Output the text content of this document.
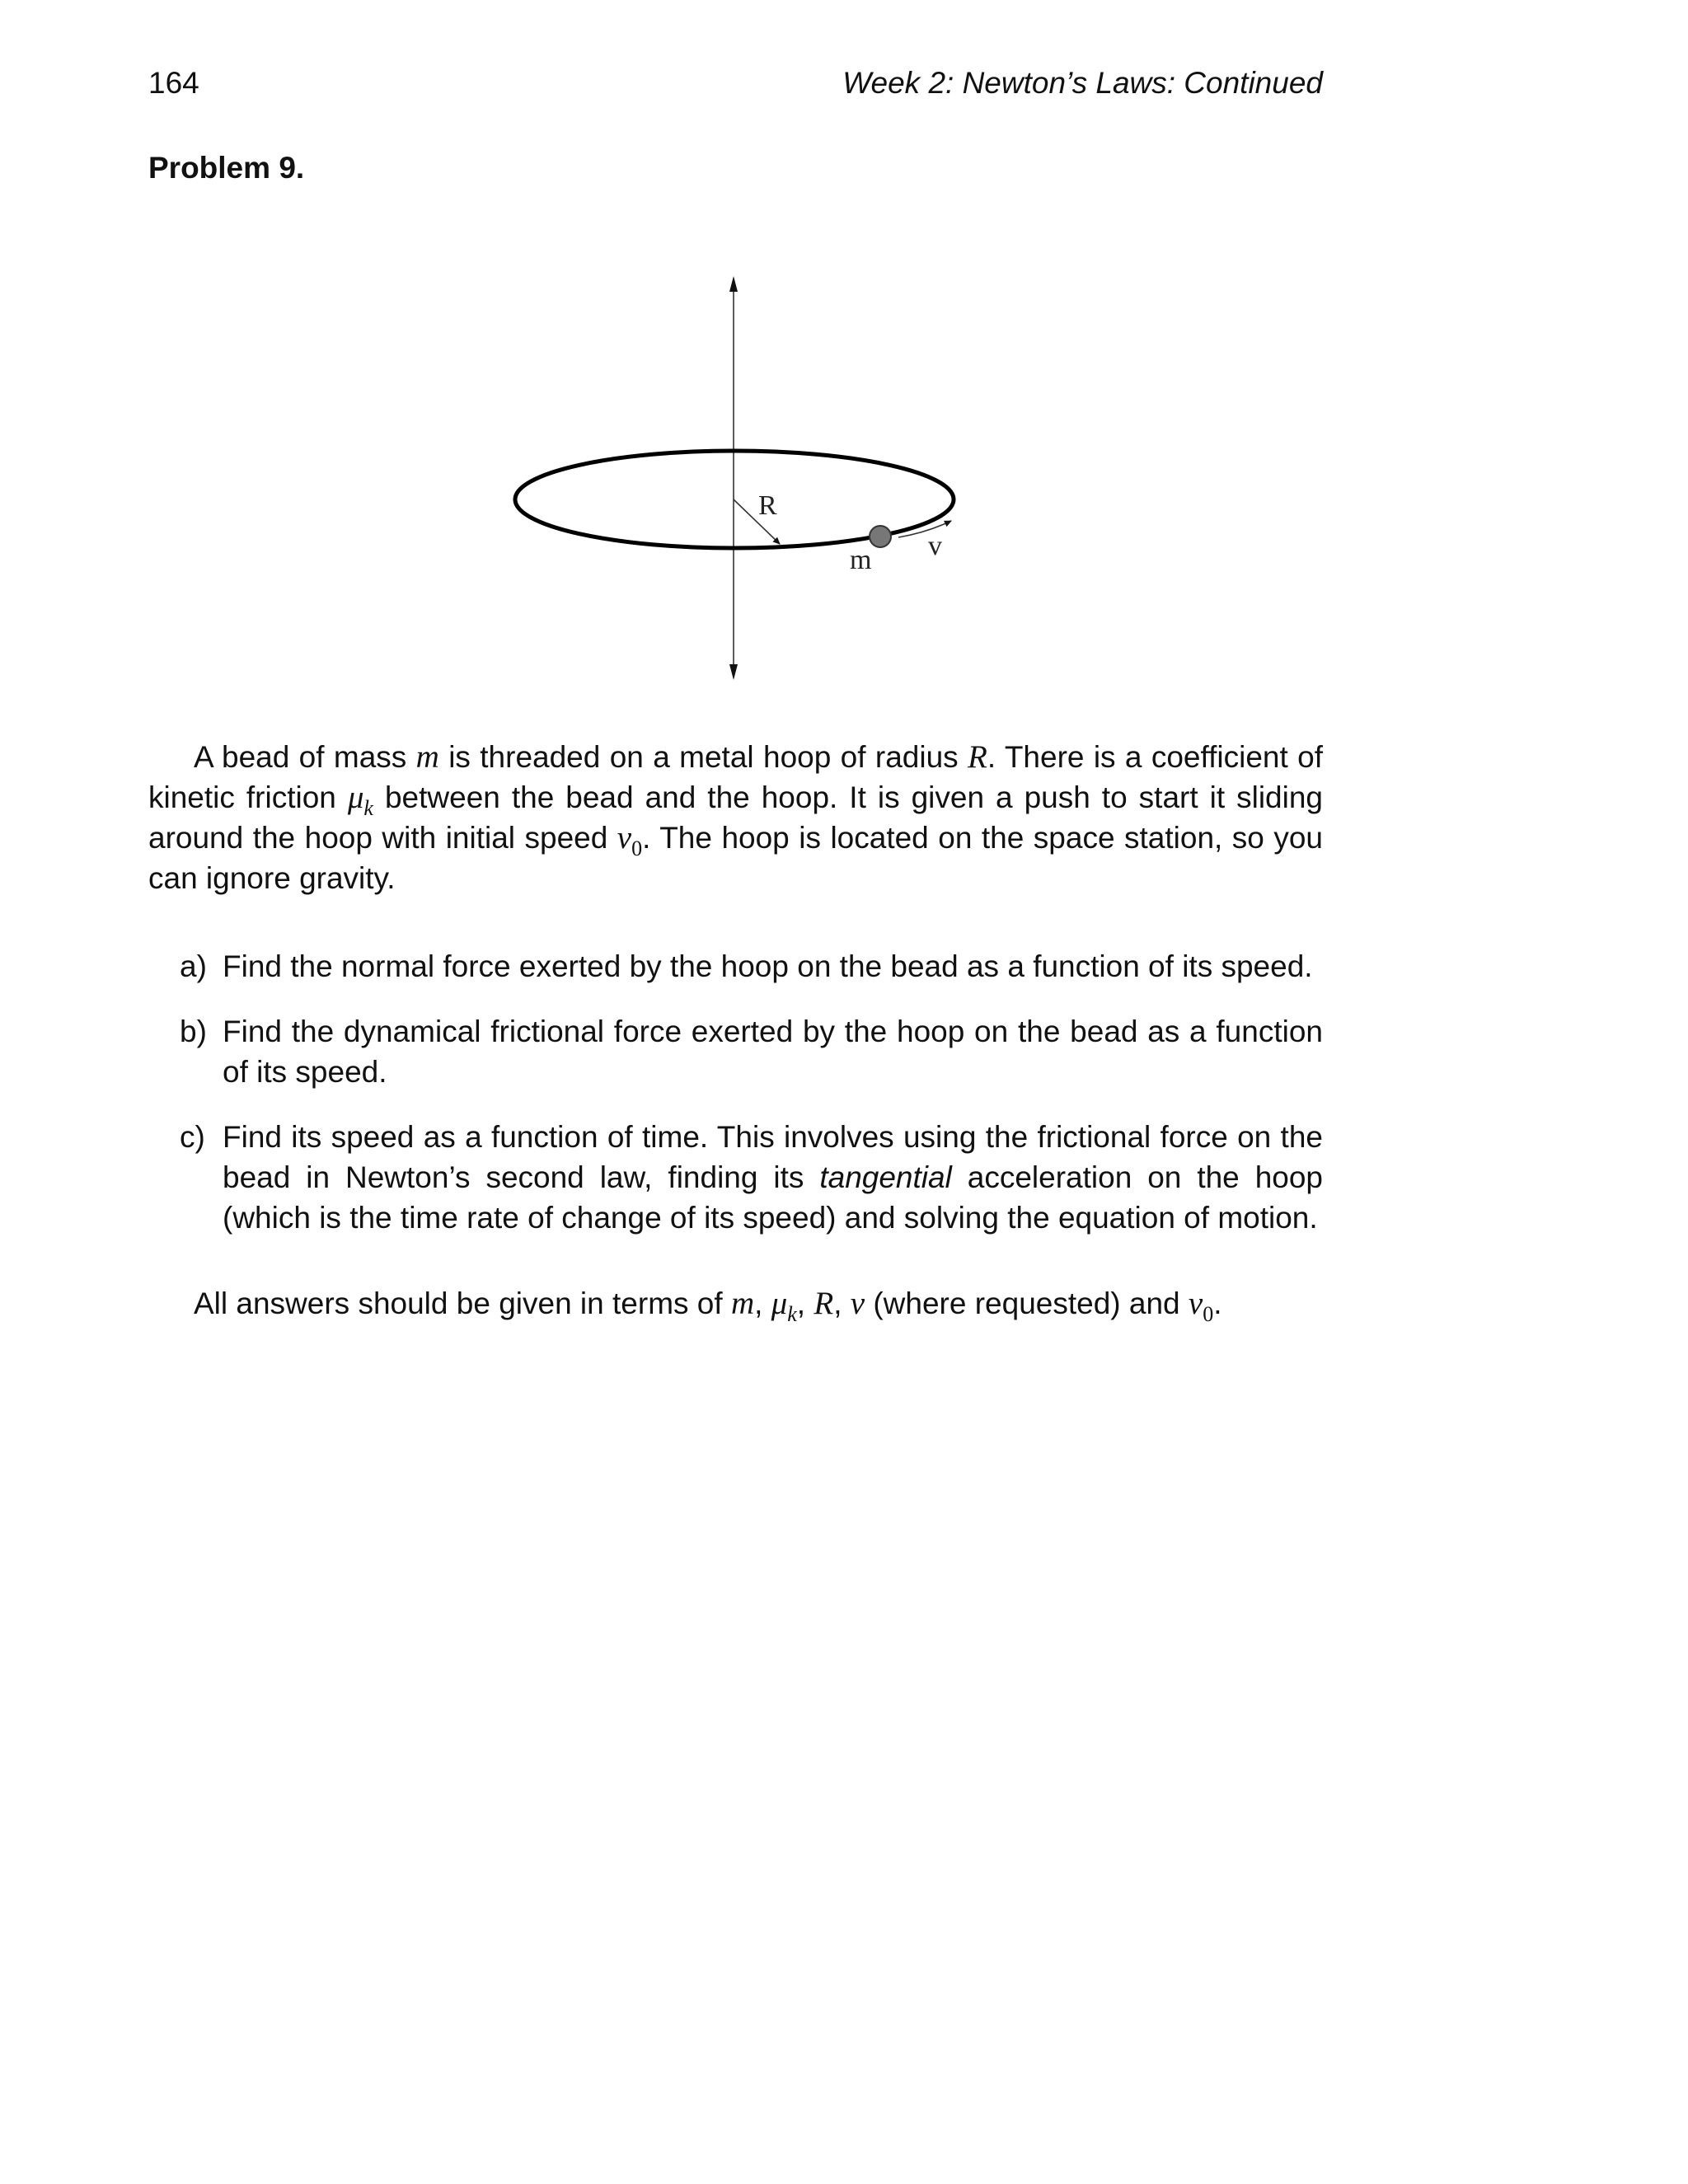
164	Week 2: Newton’s Laws: Continued
Problem 9.
R
m v
A bead of mass m is threaded on a metal hoop of radius R. There is a coefficient of kinetic friction $\mu_k$ between the bead and the hoop. It is given a push to start it sliding around the hoop with initial speed $v_0$. The hoop is located on the space station, so you can ignore gravity.
a) Find the normal force exerted by the hoop on the bead as a function of its speed.
b) Find the dynamical frictional force exerted by the hoop on the bead as a function of its speed.
c) Find its speed as a function of time. This involves using the frictional force on the bead in Newton’s second law, finding its tangential acceleration on the hoop (which is the time rate of change of its speed) and solving the equation of motion.
All answers should be given in terms of m, $\mu_k$, R, v (where requested) and $v_0$.
